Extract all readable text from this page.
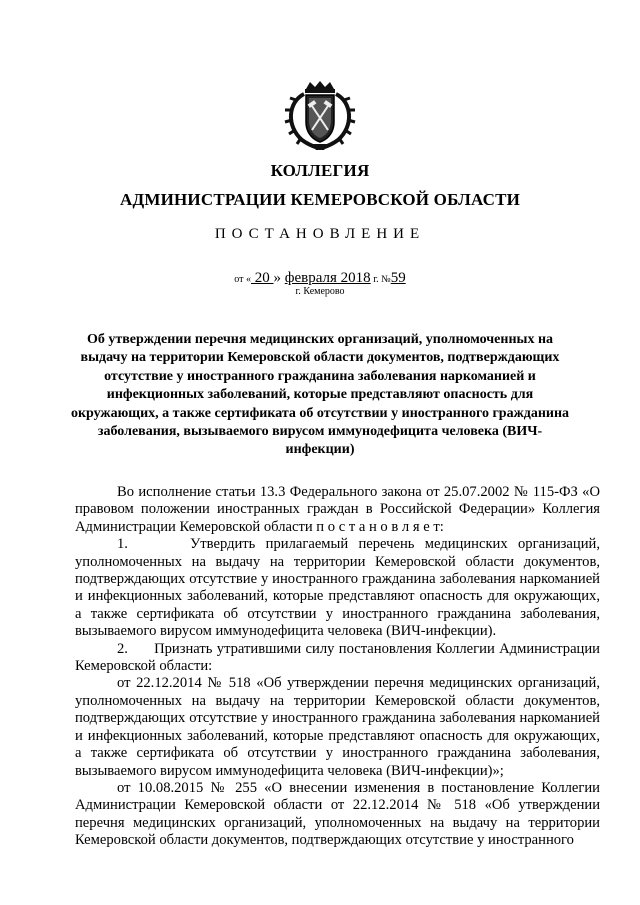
КОЛЛЕГИЯ
АДМИНИСТРАЦИИ КЕМЕРОВСКОЙ ОБЛАСТИ
ПОСТАНОВЛЕНИЕ
от « 20 » февраля 2018 г. №59
г. Кемерово
Об утверждении перечня медицинских организаций, уполномоченных на выдачу на территории Кемеровской области документов, подтверждающих отсутствие у иностранного гражданина заболевания наркоманией и инфекционных заболеваний, которые представляют опасность для окружающих, а также сертификата об отсутствии у иностранного гражданина заболевания, вызываемого вирусом иммунодефицита человека (ВИЧ-инфекции)

Во исполнение статьи 13.3 Федерального закона от 25.07.2002 № 115-ФЗ «О правовом положении иностранных граждан в Российской Федерации» Коллегия Администрации Кемеровской области п о с т а н о в л я е т:

1.      Утвердить прилагаемый перечень медицинских организаций, уполномоченных на выдачу на территории Кемеровской области документов, подтверждающих отсутствие у иностранного гражданина заболевания наркоманией и инфекционных заболеваний, которые представляют опасность для окружающих, а также сертификата об отсутствии у иностранного гражданина заболевания, вызываемого вирусом иммунодефицита человека (ВИЧ-инфекции).

2.      Признать утратившими силу постановления Коллегии Администрации Кемеровской области:

от 22.12.2014 № 518 «Об утверждении перечня медицинских организаций, уполномоченных на выдачу на территории Кемеровской области документов, подтверждающих отсутствие у иностранного гражданина заболевания наркоманией и инфекционных заболеваний, которые представляют опасность для окружающих, а также сертификата об отсутствии у иностранного гражданина заболевания, вызываемого вирусом иммунодефицита человека (ВИЧ-инфекции)»;

от 10.08.2015 № 255 «О внесении изменения в постановление Коллегии Администрации Кемеровской области от 22.12.2014 № 518 «Об утверждении перечня медицинских организаций, уполномоченных на выдачу на территории Кемеровской области документов, подтверждающих отсутствие у иностранного
